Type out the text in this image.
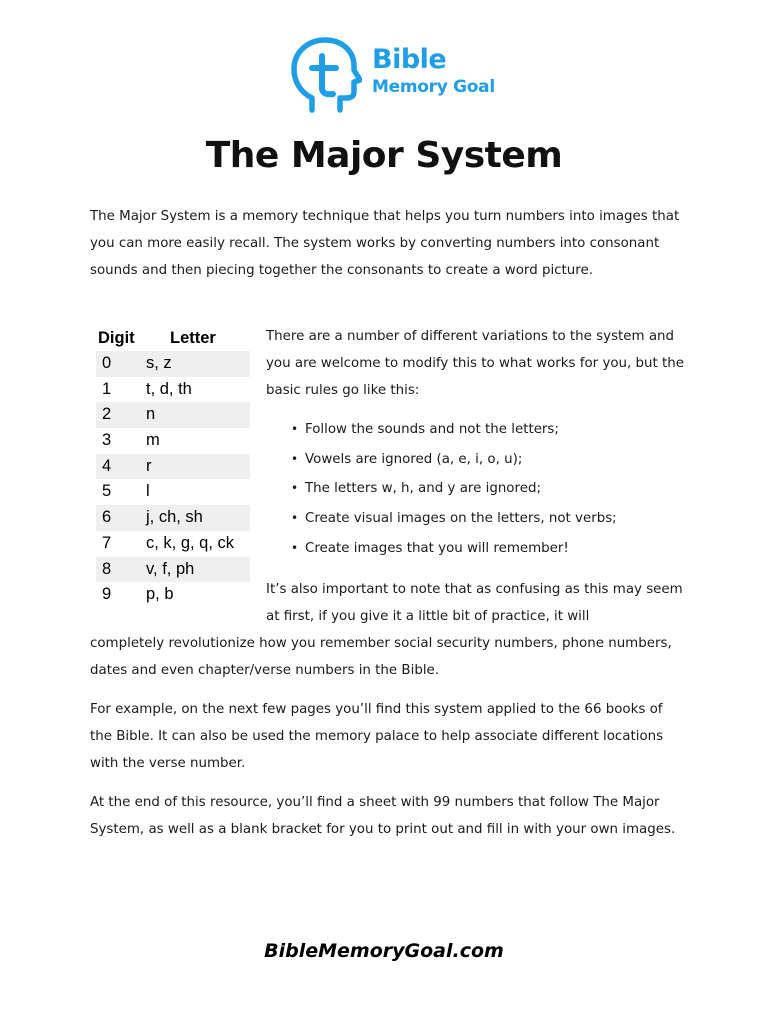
Bible
Memory Goal
The Major System

The Major System is a memory technique that helps you turn numbers into images that you can more easily recall. The system works by converting numbers into consonant sounds and then piecing together the consonants to create a word picture.

Digit Letter
0 s, z
1 t, d, th
2 n
3 m
4 r
5 l
6 j, ch, sh
7 c, k, g, q, ck
8 v, f, ph
9 p, b

There are a number of different variations to the system and you are welcome to modify this to what works for you, but the basic rules go like this:

• Follow the sounds and not the letters;
• Vowels are ignored (a, e, i, o, u);
• The letters w, h, and y are ignored;
• Create visual images on the letters, not verbs;
• Create images that you will remember!

It’s also important to note that as confusing as this may seem at first, if you give it a little bit of practice, it will

completely revolutionize how you remember social security numbers, phone numbers, dates and even chapter/verse numbers in the Bible.

For example, on the next few pages you’ll find this system applied to the 66 books of the Bible. It can also be used the memory palace to help associate different locations with the verse number.

At the end of this resource, you’ll find a sheet with 99 numbers that follow The Major System, as well as a blank bracket for you to print out and fill in with your own images.

BibleMemoryGoal.com
